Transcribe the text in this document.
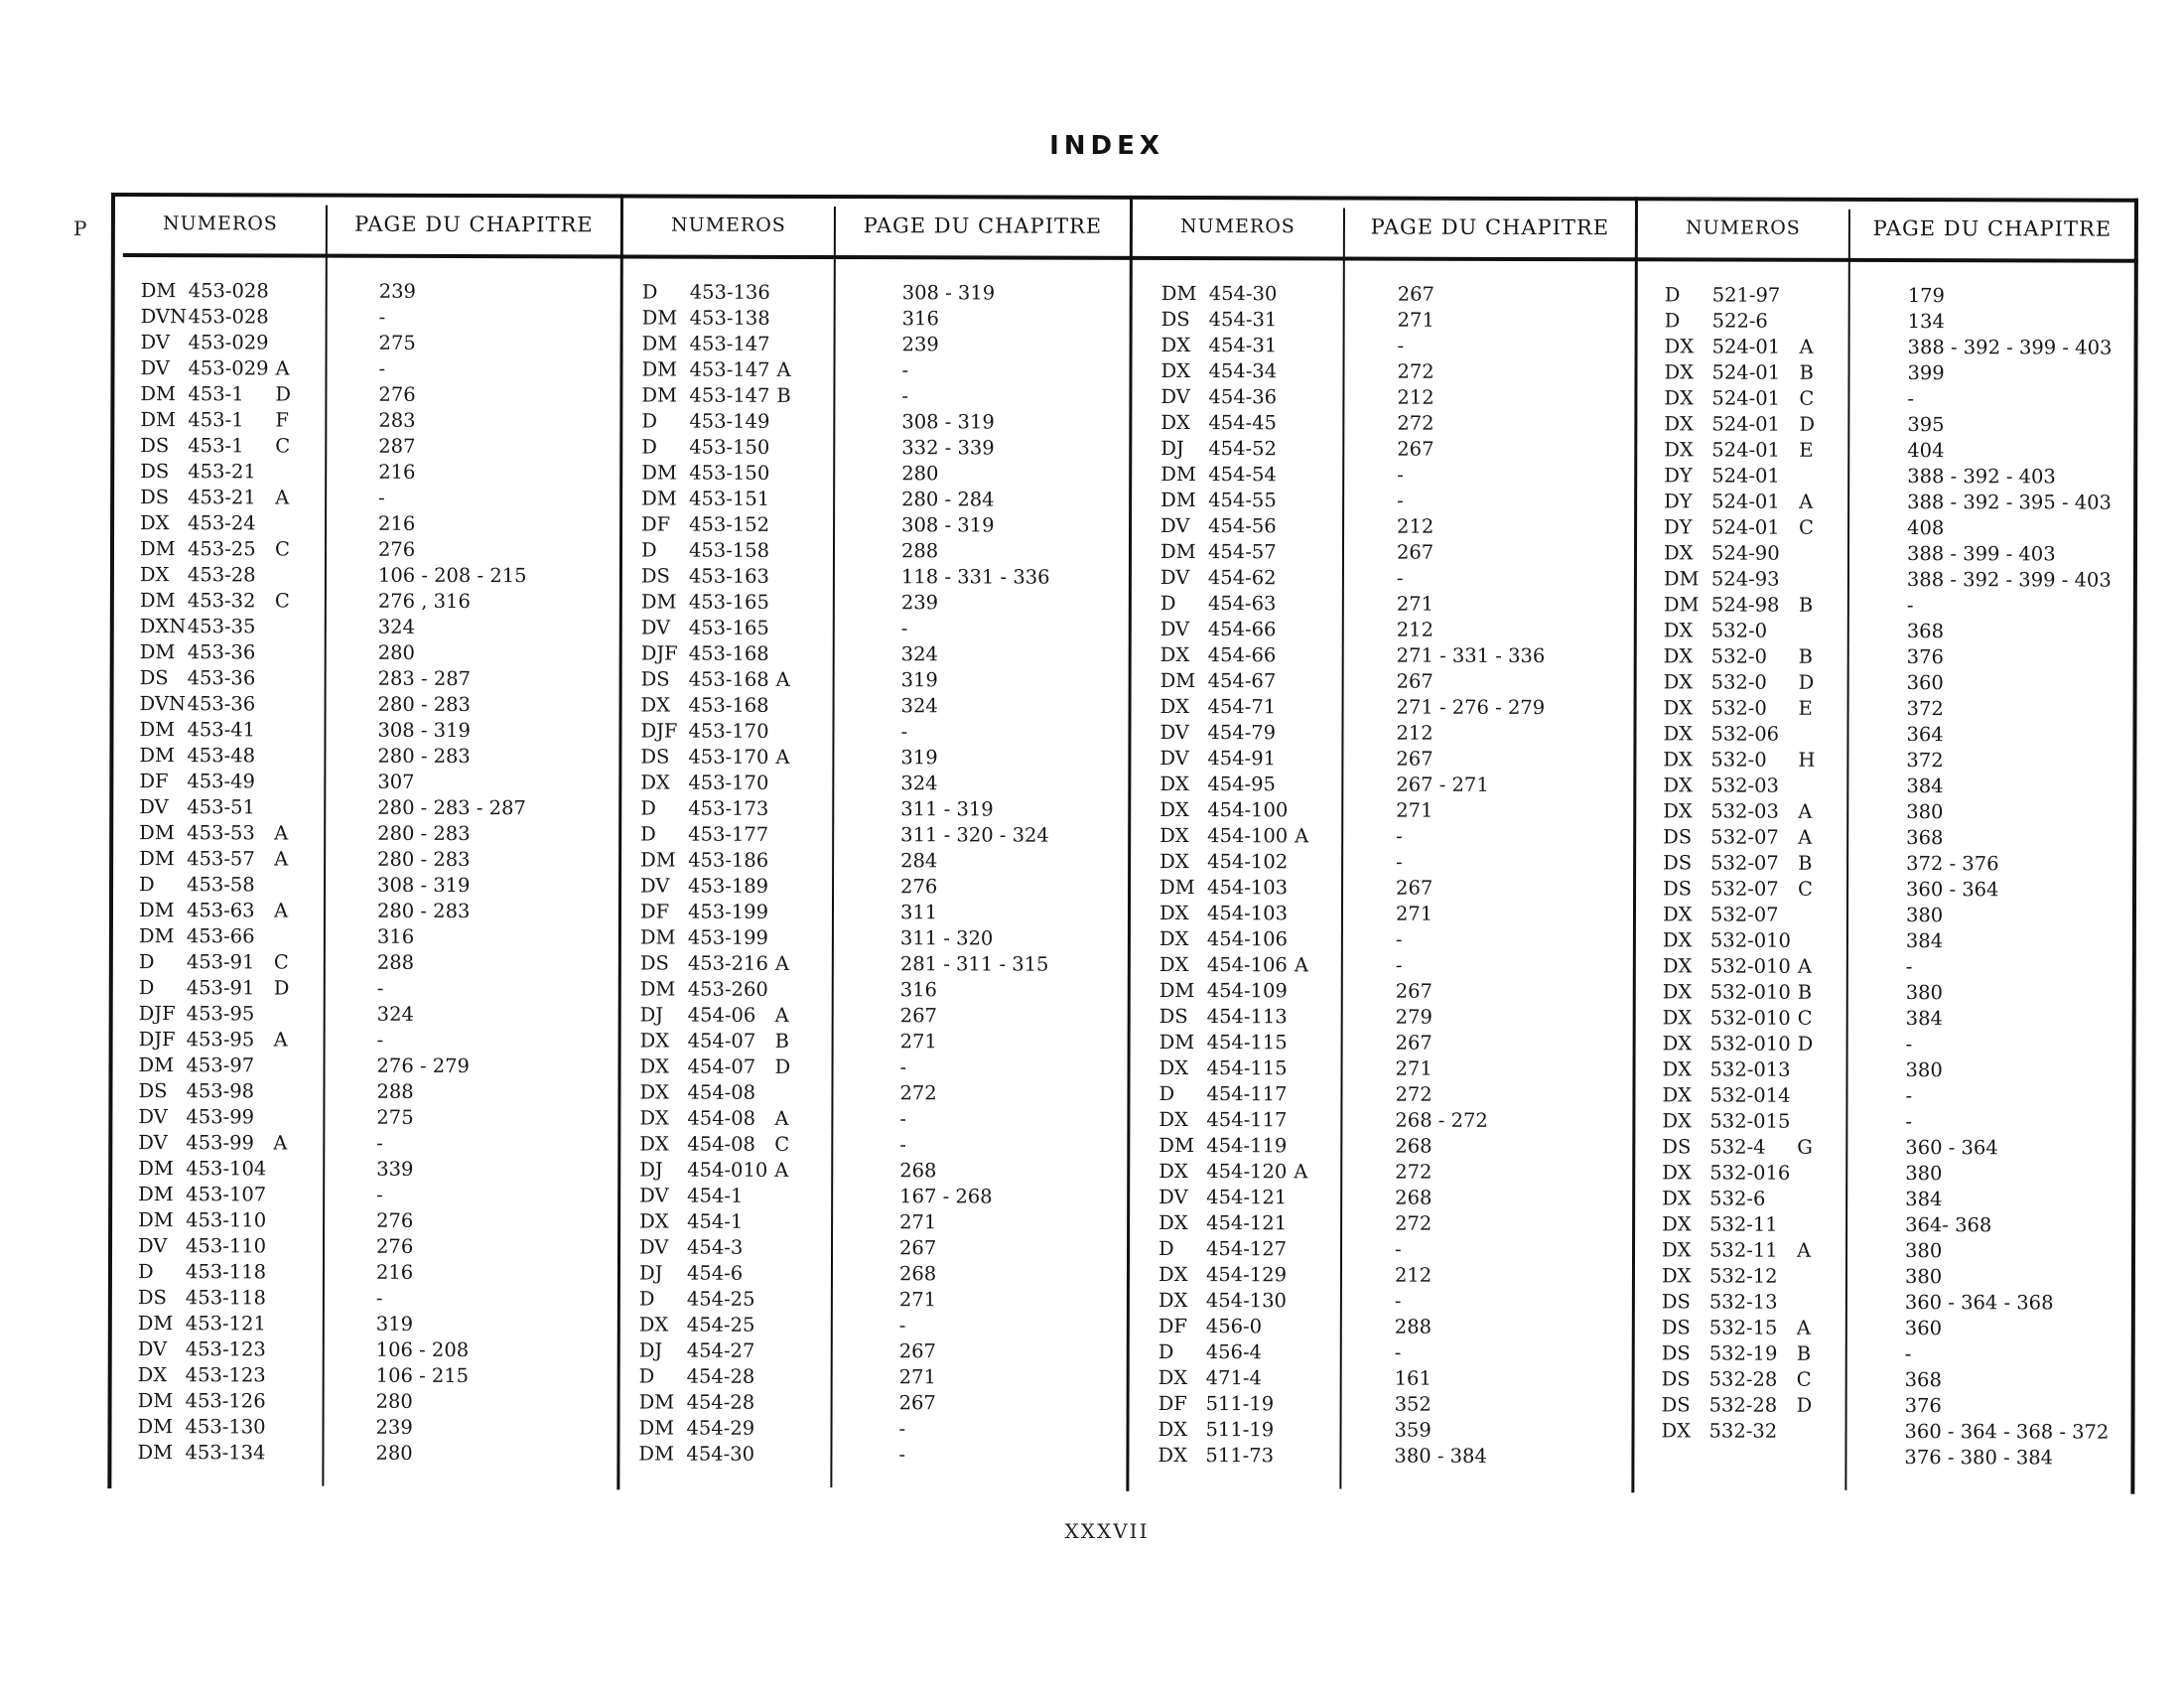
INDEX
P	NUMEROS	PAGE DU CHAPITRE	NUMEROS	PAGE DU CHAPITRE	NUMEROS	PAGE DU CHAPITRE	NUMEROS	PAGE DU CHAPITRE
DM 453-028	239
DVN 453-028	-
DV 453-029	275
DV 453-029 A	-
DM 453-1	D	276
DM 453-1	F	283
DS 453-1	C	287
DS 453-21	216
DS 453-21 A	-
DX 453-24	216
DM 453-25 C	276
DX 453-28	106 - 208 - 215
DM 453-32 C	276 , 316
DXN 453-35	324
DM 453-36	280
DS 453-36	283 - 287
DVN 453-36	280 - 283
DM 453-41	308 - 319
DM 453-48	280 - 283
DF 453-49	307
DV 453-51	280 - 283 - 287
DM 453-53 A	280 - 283
DM 453-57 A	280 - 283
D	453-58	308 - 319
DM 453-63 A	280 - 283
DM 453-66	316
D	453-91 C	288
D	453-91 D	-
DJF 453-95	324
DJF 453-95 A	-
DM 453-97	276 - 279
DS 453-98	288
DV 453-99	275
DV 453-99 A	-
DM 453-104	339
DM 453-107	-
DM 453-110	276
DV 453-110	276
D	453-118	216
DS 453-118	-
DM 453-121	319
DV 453-123	106 - 208
DX 453-123	106 - 215
DM 453-126	280
DM 453-130	239
DM 453-134	280
D	453-136	308 - 319
DM 453-138	316
DM 453-147	239
DM 453-147 A	-
DM 453-147 B	-
D	453-149	308 - 319
D	453-150	332 - 339
DM 453-150	280
DM 453-151	280 - 284
DF 453-152	308 - 319
D	453-158	288
DS 453-163	118 - 331 - 336
DM 453-165	239
DV 453-165	-
DJF 453-168	324
DS 453-168 A	319
DX 453-168	324
DJF 453-170	-
DS 453-170 A	319
DX 453-170	324
D	453-173	311 - 319
D	453-177	311 - 320 - 324
DM 453-186	284
DV 453-189	276
DF 453-199	311
DM 453-199	311 - 320
DS 453-216 A	281 - 311 - 315
DM 453-260	316
DJ	454-06 A	267
DX 454-07 B	271
DX 454-07 D	-
DX 454-08	272
DX 454-08 A	-
DX 454-08 C	-
DJ	454-010 A	268
DV 454-1	167 - 268
DX 454-1	271
DV 454-3	267
DJ	454-6	268
D	454-25	271
DX 454-25	-
DJ	454-27	267
D	454-28	271
DM 454-28	267
DM 454-29	-
DM 454-30	-
DM 454-30	267
DS 454-31	271
DX 454-31	-
DX 454-34	272
DV 454-36	212
DX 454-45	272
DJ	454-52	267
DM 454-54	-
DM 454-55	-
DV 454-56	212
DM 454-57	267
DV 454-62	-
D	454-63	271
DV 454-66	212
DX 454-66	271 - 331 - 336
DM 454-67	267
DX 454-71	271 - 276 - 279
DV 454-79	212
DV 454-91	267
DX 454-95	267 - 271
DX 454-100	271
DX 454-100 A	-
DX 454-102	-
DM 454-103	267
DX 454-103	271
DX 454-106	-
DX 454-106 A	-
DM 454-109	267
DS 454-113	279
DM 454-115	267
DX 454-115	271
D	454-117	272
DX 454-117	268 - 272
DM 454-119	268
DX 454-120 A	272
DV 454-121	268
DX 454-121	272
D	454-127	-
DX 454-129	212
DX 454-130	-
DF 456-0	288
D	456-4	-
DX 471-4	161
DF 511-19	352
DX 511-19	359
DX 511-73	380 - 384
D	521-97	179
D	522-6	134
DX 524-01 A	388 - 392 - 399 - 403
DX 524-01 B	399
DX 524-01 C	-
DX 524-01 D	395
DX 524-01 E	404
DY 524-01	388 - 392 - 403
DY 524-01 A	388 - 392 - 395 - 403
DY 524-01 C	408
DX 524-90	388 - 399 - 403
DM 524-93	388 - 392 - 399 - 403
DM 524-98 B	-
DX 532-0	368
DX 532-0	B	376
DX 532-0	D	360
DX 532-0	E	372
DX 532-06	364
DX 532-0	H	372
DX 532-03	384
DX 532-03 A	380
DS 532-07 A	368
DS 532-07 B	372 - 376
DS 532-07 C	360 - 364
DX 532-07	380
DX 532-010	384
DX 532-010 A	-
DX 532-010 B	380
DX 532-010 C	384
DX 532-010 D	-
DX 532-013	380
DX 532-014	-
DX 532-015	-
DS 532-4	G	360 - 364
DX 532-016	380
DX 532-6	384
DX 532-11	364- 368
DX 532-11 A	380
DX 532-12	380
DS 532-13	360 - 364 - 368
DS 532-15 A	360
DS 532-19 B	-
DS 532-28 C	368
DS 532-28 D	376
DX 532-32	360 - 364 - 368 - 372
376 - 380 - 384
XXXVII
